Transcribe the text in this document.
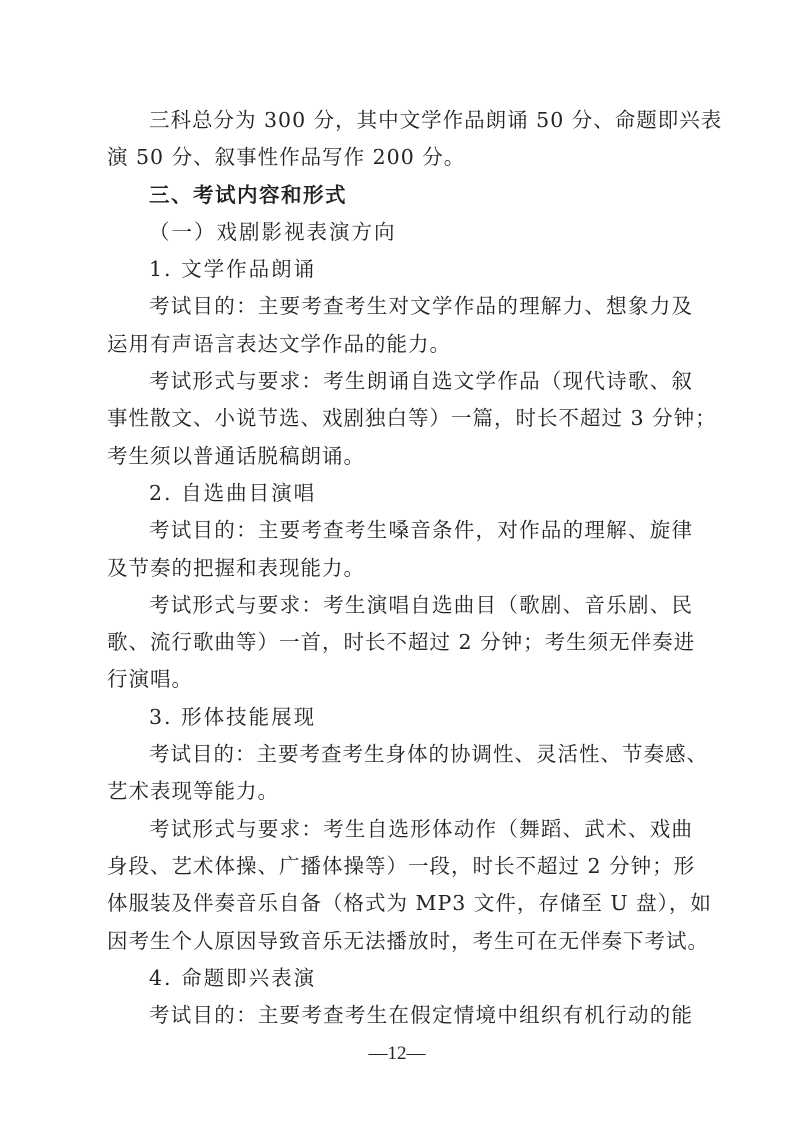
三科总分为 300 分，其中文学作品朗诵 50 分、命题即兴表
演 50 分、叙事性作品写作 200 分。
三、考试内容和形式
（一）戏剧影视表演方向
1. 文学作品朗诵
考试目的：主要考查考生对文学作品的理解力、想象力及
运用有声语言表达文学作品的能力。
考试形式与要求：考生朗诵自选文学作品（现代诗歌、叙
事性散文、小说节选、戏剧独白等）一篇，时长不超过 3 分钟；
考生须以普通话脱稿朗诵。
2. 自选曲目演唱
考试目的：主要考查考生嗓音条件，对作品的理解、旋律
及节奏的把握和表现能力。
考试形式与要求：考生演唱自选曲目（歌剧、音乐剧、民
歌、流行歌曲等）一首，时长不超过 2 分钟；考生须无伴奏进
行演唱。
3. 形体技能展现
考试目的：主要考查考生身体的协调性、灵活性、节奏感、
艺术表现等能力。
考试形式与要求：考生自选形体动作（舞蹈、武术、戏曲
身段、艺术体操、广播体操等）一段，时长不超过 2 分钟；形
体服装及伴奏音乐自备（格式为 MP3 文件，存储至 U 盘），如
因考生个人原因导致音乐无法播放时，考生可在无伴奏下考试。
4. 命题即兴表演
考试目的：主要考查考生在假定情境中组织有机行动的能
—12—
